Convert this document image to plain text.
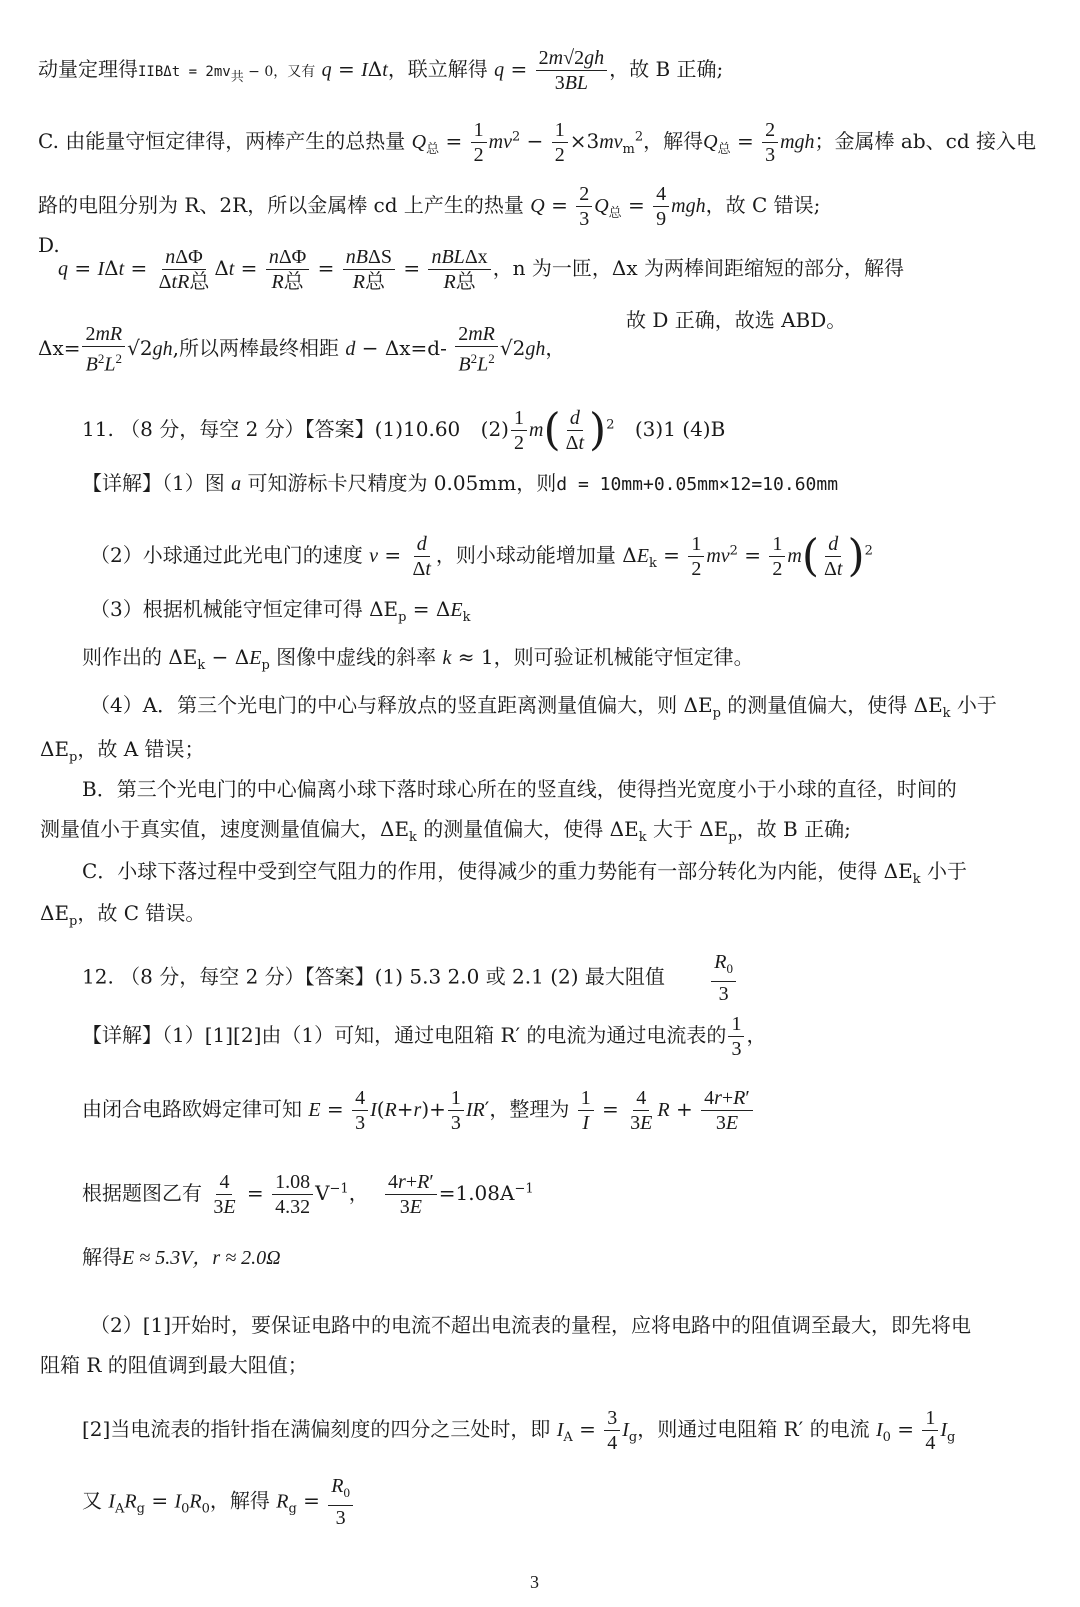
动量定理得$IIB\Delta t = 2mv_共 - 0$，又有 q = IΔt，联立解得 $q = \frac{2m√2gh}{3BL}$ ，故 B 正确;
C. 由能量守恒定律得，两棒产生的总热量 $Q_总 = \frac{1}{2} mv^2 - \frac{1}{2} \times 3mv_m^2$，解得$Q_总 = \frac{2}{3}$ mgh；金属棒 ab、cd 接入电
路的电阻分别为 R、2R，所以金属棒 cd 上产生的热量 $Q = \frac{2}{3} Q_总 = \frac{4}{9}$ mgh，故 C 错误;
D.
$q = I\Delta t = \frac{\text{nΔΦ}}{\text{ΔtR总}}$ $\Delta t = \frac{\text{nΔΦ}}{\text{R总}} = \frac{\text{nBΔS}}{\text{R总}} = \frac{\text{nBLΔx}}{\text{R总}}$ ，n 为一匝，Δx 为两棒间距缩短的部分，解得
$\Delta x= \frac{2mR}{B^2L^2} √2gh$,所以两棒最终相距 $d - \Delta x=d- \frac{2mR}{B^2L^2} √2gh$，
故 D 正确，故选 ABD。
11. （8 分，每空 2 分）【答案】(1)10.60 $(2) \frac{1}{2} m( \frac{d}{\Delta t} )^2$ (3)1 (4)B
【详解】（1）图 a 可知游标卡尺精度为 0.05mm，则d = 10mm+0.05mm×12=10.60mm
（2）小球通过此光电门的速度 $v = \frac{d}{\Delta t}$ ，则小球动能增加量 $\Delta E_k = \frac{1}{2} mv^2 = \frac{1}{2} m( \frac{d}{\Delta t} )^2$
（3）根据机械能守恒定律可得 $\Delta E_p = \Delta E_k$
则作出的 $\Delta E_k - \Delta E_p$ 图像中虚线的斜率 k ≈ 1，则可验证机械能守恒定律。
（4）A．第三个光电门的中心与释放点的竖直距离测量值偏大，则 $\Delta E_p$ 的测量值偏大，使得 $\Delta E_k$ 小于
$\Delta E_p$，故 A 错误；
B．第三个光电门的中心偏离小球下落时球心所在的竖直线，使得挡光宽度小于小球的直径，时间的
测量值小于真实值，速度测量值偏大，$\Delta E_k$ 的测量值偏大，使得 $\Delta E_k$ 大于 $\Delta E_p$，故 B 正确;
C．小球下落过程中受到空气阻力的作用，使得减少的重力势能有一部分转化为内能，使得 $\Delta E_k$ 小于
$\Delta E_p$，故 C 错误。
12. （8 分，每空 2 分）【答案】(1) 5.3 2.0 或 2.1 (2) 最大阻值 $\frac{R_0}{3}$
【详解】（1）[1][2]由（1）可知，通过电阻箱 R′ 的电流为通过电流表的 $\frac{1}{3}$ ，
由闭合电路欧姆定律可知 $E = \frac{4}{3} I(R+r)+ \frac{1}{3} IR'$，整理为 $\frac{1}{I} = \frac{4}{3E}$ $R + \frac{4r+R'}{3E}$
根据题图乙有 $\frac{4}{3E} = \frac{1.08}{4.32} V^{-1}$， $\frac{4r+R'}{3E} =1.08A^{-1}$
解得E ≈ 5.3V，r ≈ 2.0Ω
（2）[1]开始时，要保证电路中的电流不超出电流表的量程，应将电路中的阻值调至最大，即先将电
阻箱 R 的阻值调到最大阻值；
[2]当电流表的指针指在满偏刻度的四分之三处时，即 $I_A = \frac{3}{4} I_g$，则通过电阻箱 R′ 的电流 $I_0 = \frac{1}{4} I_g$
又 $I_AR_g = I_0R_0$，解得 $R_g = \frac{R_0}{3}$
3
